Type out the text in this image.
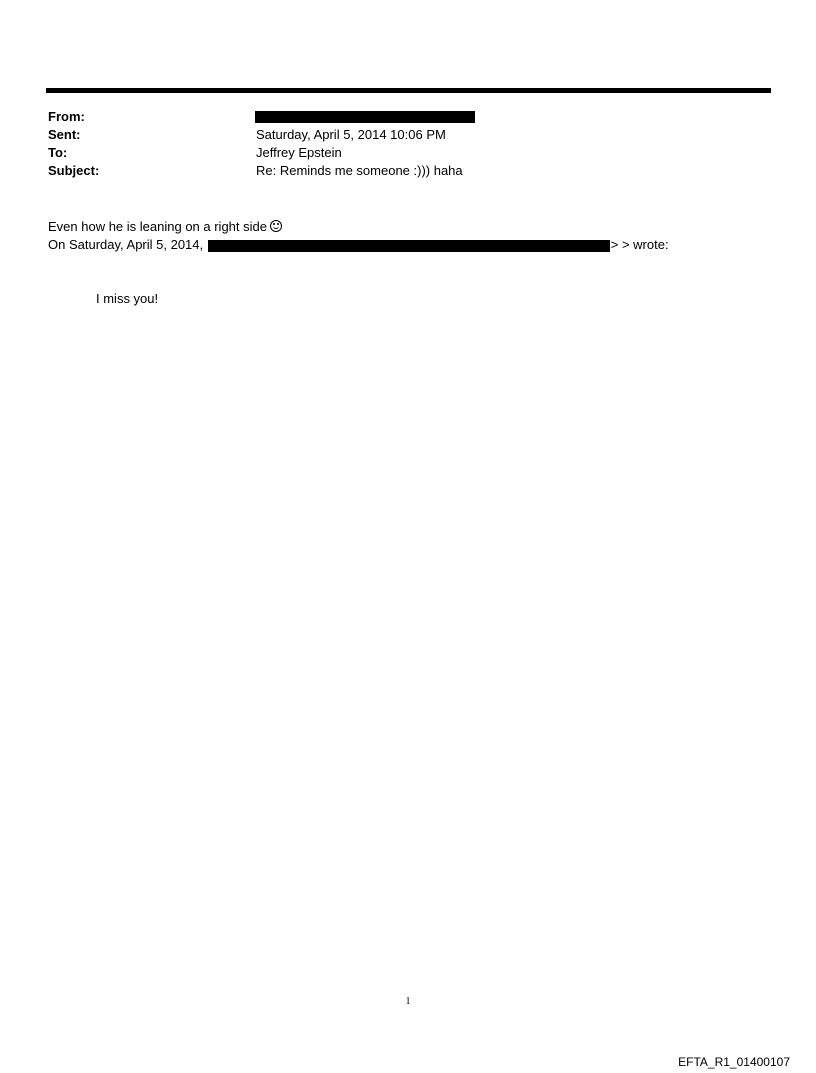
From:
Sent:	Saturday, April 5, 2014 10:06 PM
To:	Jeffrey Epstein
Subject:	Re: Reminds me someone :))) haha
Even how he is leaning on a right side
On Saturday, April 5, 2014,	> > wrote:
I miss you!
1
EFTA_R1_01400107
